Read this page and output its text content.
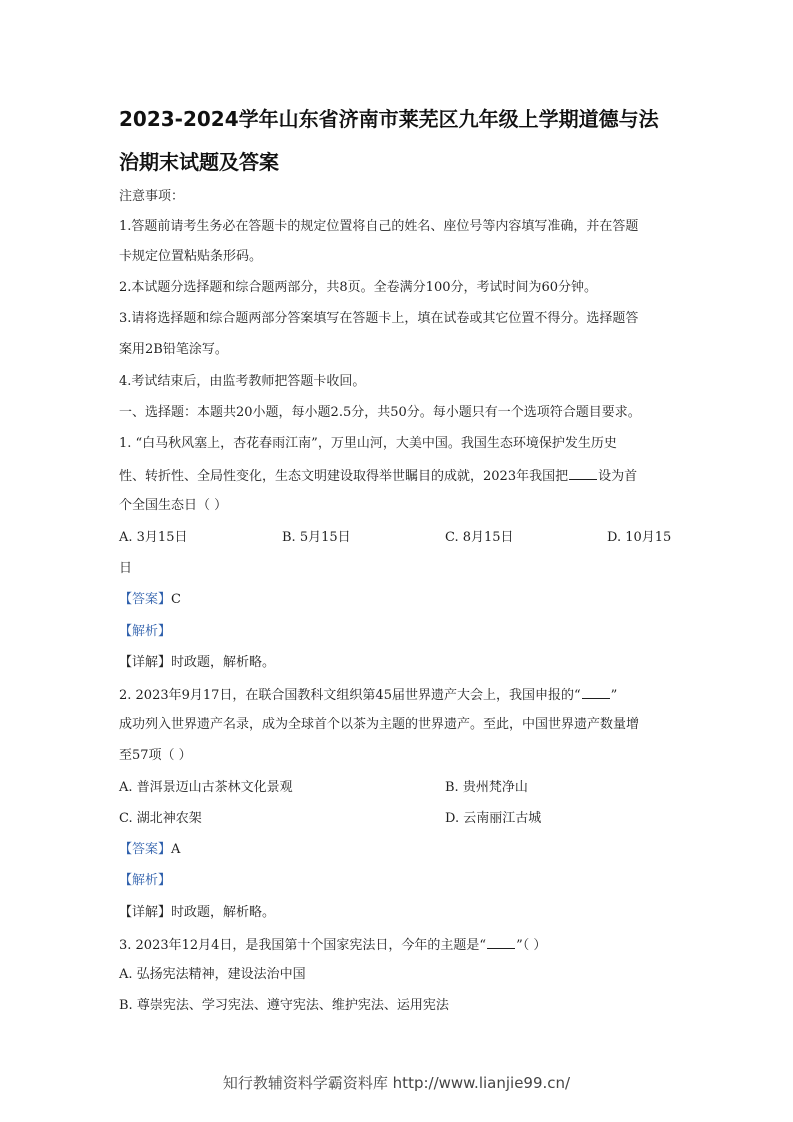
2023-2024学年山东省济南市莱芜区九年级上学期道德与法
治期末试题及答案
注意事项：
1.答题前请考生务必在答题卡的规定位置将自己的姓名、座位号等内容填写准确，并在答题
卡规定位置粘贴条形码。
2.本试题分选择题和综合题两部分，共8页。全卷满分100分，考试时间为60分钟。
3.请将选择题和综合题两部分答案填写在答题卡上，填在试卷或其它位置不得分。选择题答
案用2B铅笔涂写。
4.考试结束后，由监考教师把答题卡收回。
一、选择题：本题共20小题，每小题2.5分，共50分。每小题只有一个选项符合题目要求。
1. “白马秋风塞上，杏花春雨江南”，万里山河，大美中国。我国生态环境保护发生历史
性、转折性、全局性变化，生态文明建设取得举世瞩目的成就，2023年我国把 设为首
个全国生态日（ ）
A. 3月15日	B. 5月15日	C. 8月15日	D. 10月15
日
【答案】C
【解析】
【详解】时政题，解析略。
2. 2023年9月17日，在联合国教科文组织第45届世界遗产大会上，我国申报的“ ”
成功列入世界遗产名录，成为全球首个以茶为主题的世界遗产。至此，中国世界遗产数量增
至57项（ ）
A. 普洱景迈山古茶林文化景观	B. 贵州梵净山
C. 湖北神农架	D. 云南丽江古城
【答案】A
【解析】
【详解】时政题，解析略。
3. 2023年12月4日，是我国第十个国家宪法日，今年的主题是“ ”（ ）
A. 弘扬宪法精神，建设法治中国
B. 尊崇宪法、学习宪法、遵守宪法、维护宪法、运用宪法
知行教辅资料学霸资料库 http://www.lianjie99.cn/
